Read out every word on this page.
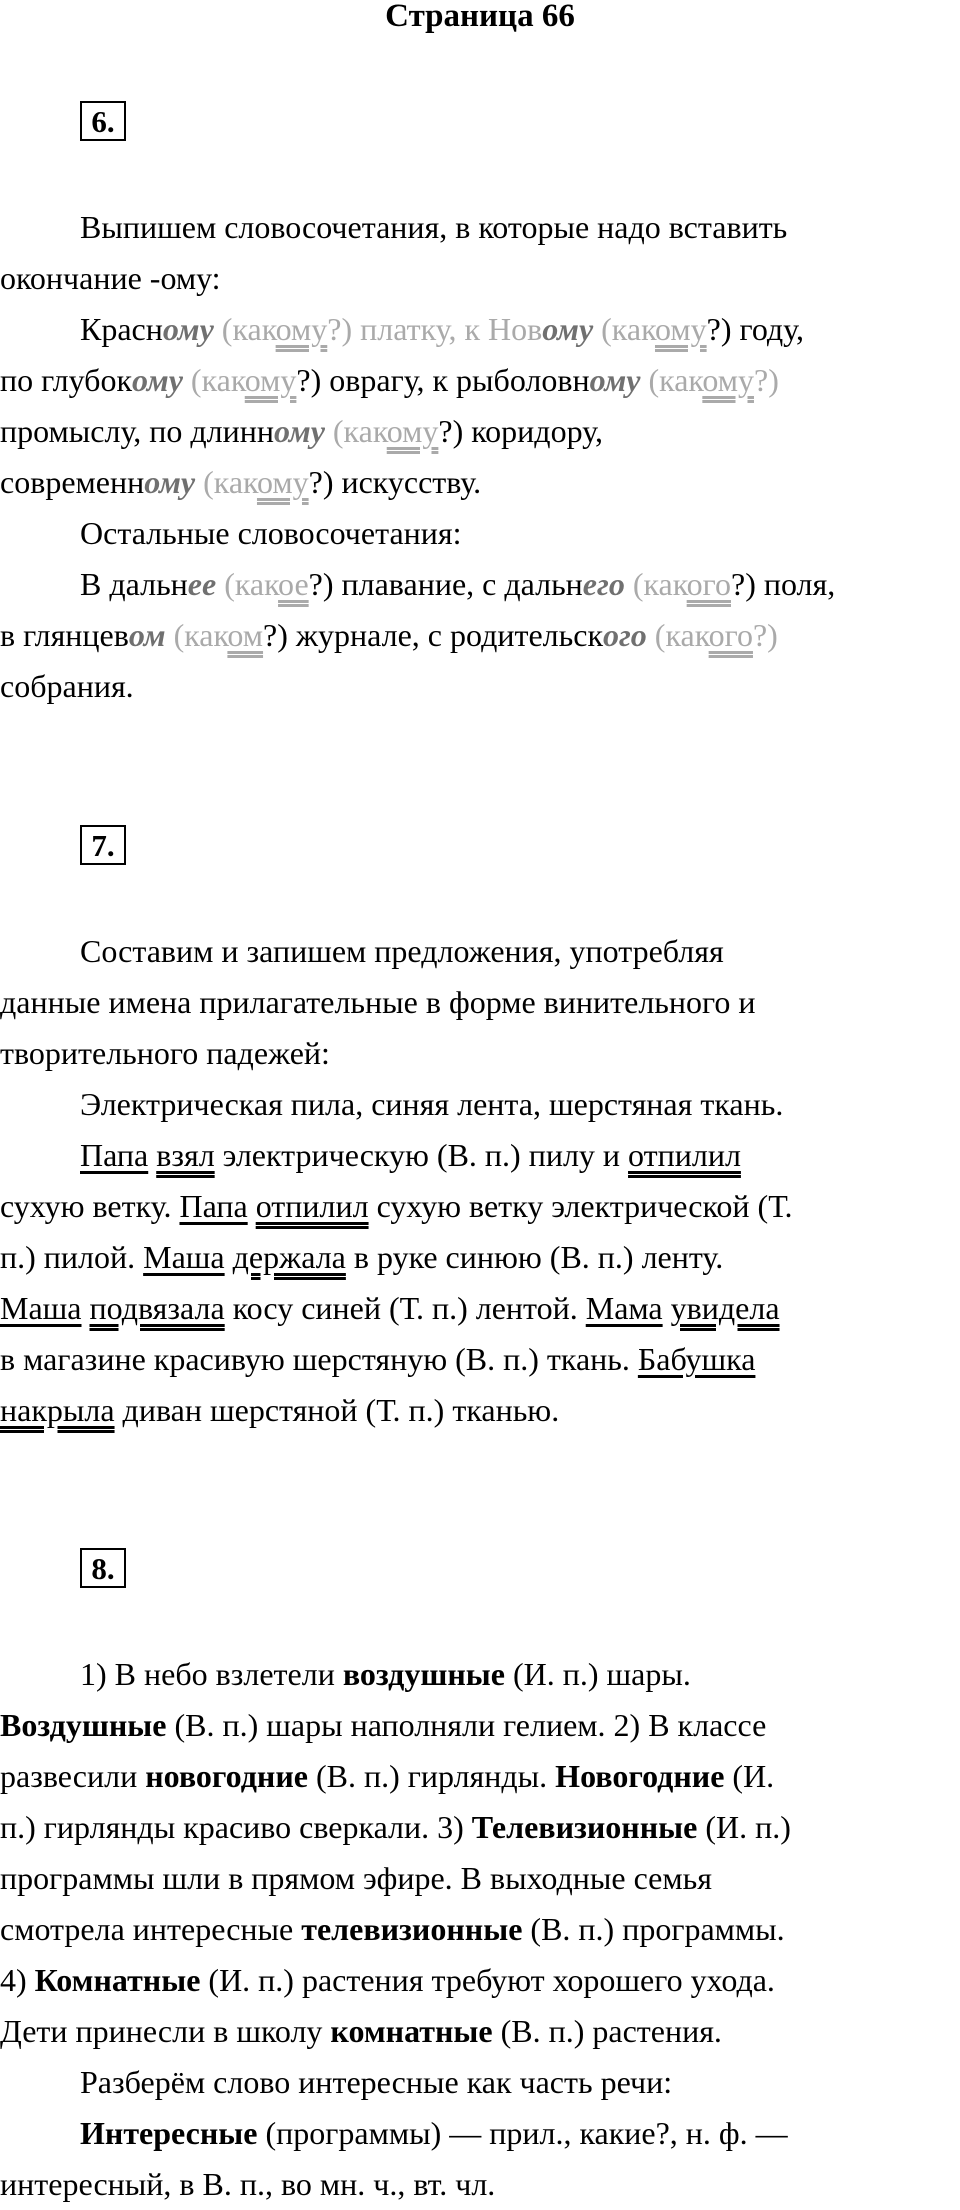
Страница 66
6.
Выпишем словосочетания, в которые надо вставить
окончание -ому:
Красному (какому?) платку, к Новому (какому?) году,
по глубокому (какому?) оврагу, к рыболовному (какому?)
промыслу, по длинному (какому?) коридору,
современному (какому?) искусству.
Остальные словосочетания:
В дальнее (какое?) плавание, с дальнего (какого?) поля,
в глянцевом (каком?) журнале, с родительского (какого?)
собрания.
7.
Составим и запишем предложения, употребляя
данные имена прилагательные в форме винительного и
творительного падежей:
Электрическая пила, синяя лента, шерстяная ткань.
Папа взял электрическую (В. п.) пилу и отпилил
сухую ветку. Папа отпилил сухую ветку электрической (Т.
п.) пилой. Маша держала в руке синюю (В. п.) ленту.
Маша подвязала косу синей (Т. п.) лентой. Мама увидела
в магазине красивую шерстяную (В. п.) ткань. Бабушка
накрыла диван шерстяной (Т. п.) тканью.
8.
1) В небо взлетели воздушные (И. п.) шары.
Воздушные (В. п.) шары наполняли гелием. 2) В классе
развесили новогодние (В. п.) гирлянды. Новогодние (И.
п.) гирлянды красиво сверкали. 3) Телевизионные (И. п.)
программы шли в прямом эфире. В выходные семья
смотрела интересные телевизионные (В. п.) программы.
4) Комнатные (И. п.) растения требуют хорошего ухода.
Дети принесли в школу комнатные (В. п.) растения.
Разберём слово интересные как часть речи:
Интересные (программы) — прил., какие?, н. ф. —
интересный, в В. п., во мн. ч., вт. чл.
